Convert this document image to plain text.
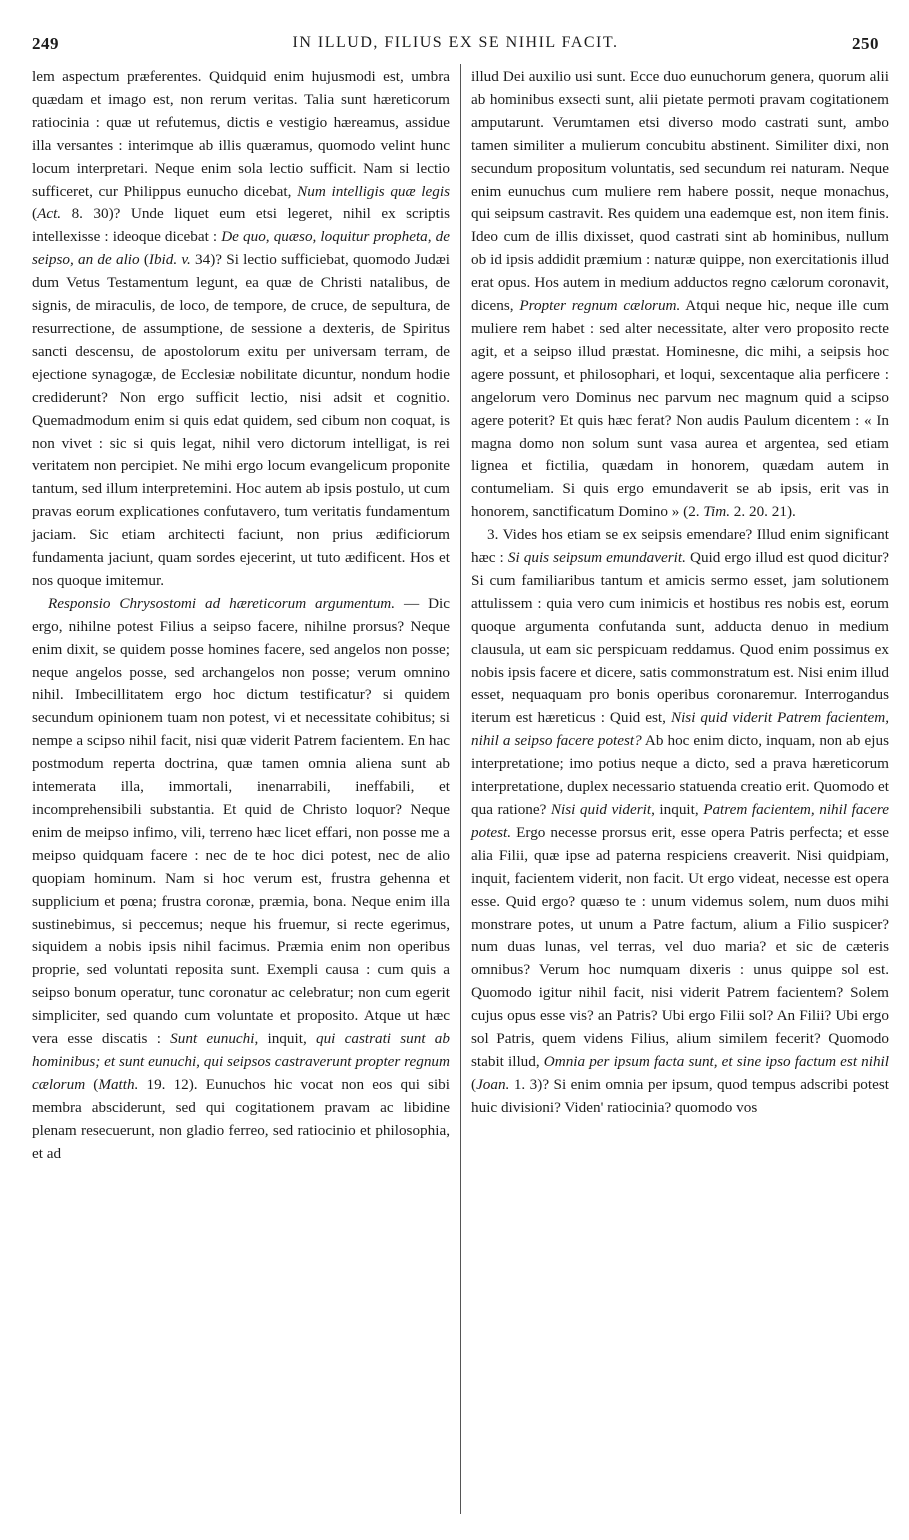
249	IN ILLUD, FILIUS EX SE NIHIL FACIT.	250

lem aspectum præferentes. Quidquid enim hujusmodi est, umbra quædam et imago est, non rerum veritas. Talia sunt hæreticorum ratiocinia : quæ ut refutemus, dictis e vestigio hæreamus, assidue illa versantes : interimque ab illis quæramus, quomodo velint hunc locum interpretari. Neque enim sola lectio sufficit. Nam si lectio sufficeret, cur Philippus eunucho dicebat, Num intelligis quæ legis (Act. 8. 30)? Unde liquet eum etsi legeret, nihil ex scriptis intellexisse : ideoque dicebat : De quo, quæso, loquitur propheta, de seipso, an de alio (Ibid. v. 34)? Si lectio sufficiebat, quomodo Judæi dum Vetus Testamentum legunt, ea quæ de Christi natalibus, de signis, de miraculis, de loco, de tempore, de cruce, de sepultura, de resurrectione, de assumptione, de sessione a dexteris, de Spiritus sancti descensu, de apostolorum exitu per universam terram, de ejectione synagogæ, de Ecclesiæ nobilitate dicuntur, nondum hodie crediderunt? Non ergo sufficit lectio, nisi adsit et cognitio. Quemadmodum enim si quis edat quidem, sed cibum non coquat, is non vivet : sic si quis legat, nihil vero dictorum intelligat, is rei veritatem non percipiet. Ne mihi ergo locum evangelicum proponite tantum, sed illum interpretemini. Hoc autem ab ipsis postulo, ut cum pravas eorum explicationes confutavero, tum veritatis fundamentum jaciam. Sic etiam architecti faciunt, non prius ædificiorum fundamenta jaciunt, quam sordes ejecerint, ut tuto ædificent. Hos et nos quoque imitemur.

Responsio Chrysostomi ad hæreticorum argumentum. — Dic ergo, nihilne potest Filius a seipso facere, nihilne prorsus? Neque enim dixit, se quidem posse homines facere, sed angelos non posse; neque angelos posse, sed archangelos non posse; verum omnino nihil. Imbecillitatem ergo hoc dictum testificatur? si quidem secundum opinionem tuam non potest, vi et necessitate cohibitus; si nempe a scipso nihil facit, nisi quæ viderit Patrem facientem. En hac postmodum reperta doctrina, quæ tamen omnia aliena sunt ab intemerata illa, immortali, inenarrabili, ineffabili, et incomprehensibili substantia. Et quid de Christo loquor? Neque enim de meipso infimo, vili, terreno hæc licet effari, non posse me a meipso quidquam facere : nec de te hoc dici potest, nec de alio quopiam hominum. Nam si hoc verum est, frustra gehenna et supplicium et pœna; frustra coronæ, præmia, bona. Neque enim illa sustinebimus, si peccemus; neque his fruemur, si recte egerimus, siquidem a nobis ipsis nihil facimus. Præmia enim non operibus proprie, sed voluntati reposita sunt. Exempli causa : cum quis a seipso bonum operatur, tunc coronatur ac celebratur; non cum egerit simpliciter, sed quando cum voluntate et proposito. Atque ut hæc vera esse discatis : Sunt eunuchi, inquit, qui castrati sunt ab hominibus; et sunt eunuchi, qui seipsos castraverunt propter regnum cælorum (Matth. 19. 12). Eunuchos hic vocat non eos qui sibi membra absciderunt, sed qui cogitationem pravam ac libidine plenam resecuerunt, non gladio ferreo, sed ratiocinio et philosophia, et ad

illud Dei auxilio usi sunt. Ecce duo eunuchorum genera, quorum alii ab hominibus exsecti sunt, alii pietate permoti pravam cogitationem amputarunt. Verumtamen etsi diverso modo castrati sunt, ambo tamen similiter a mulierum concubitu abstinent. Similiter dixi, non secundum propositum voluntatis, sed secundum rei naturam. Neque enim eunuchus cum muliere rem habere possit, neque monachus, qui seipsum castravit. Res quidem una eademque est, non item finis. Ideo cum de illis dixisset, quod castrati sint ab hominibus, nullum ob id ipsis addidit præmium : naturæ quippe, non exercitationis illud erat opus. Hos autem in medium adductos regno cælorum coronavit, dicens, Propter regnum cælorum. Atqui neque hic, neque ille cum muliere rem habet : sed alter necessitate, alter vero proposito recte agit, et a seipso illud præstat. Hominesne, dic mihi, a seipsis hoc agere possunt, et philosophari, et loqui, sexcentaque alia perficere : angelorum vero Dominus nec parvum nec magnum quid a scipso agere poterit? Et quis hæc ferat? Non audis Paulum dicentem : « In magna domo non solum sunt vasa aurea et argentea, sed etiam lignea et fictilia, quædam in honorem, quædam autem in contumeliam. Si quis ergo emundaverit se ab ipsis, erit vas in honorem, sanctificatum Domino » (2. Tim. 2. 20. 21).

3. Vides hos etiam se ex seipsis emendare? Illud enim significant hæc : Si quis seipsum emundaverit. Quid ergo illud est quod dicitur? Si cum familiaribus tantum et amicis sermo esset, jam solutionem attulissem : quia vero cum inimicis et hostibus res nobis est, eorum quoque argumenta confutanda sunt, adducta denuo in medium clausula, ut eam sic perspicuam reddamus. Quod enim possimus ex nobis ipsis facere et dicere, satis commonstratum est. Nisi enim illud esset, nequaquam pro bonis operibus coronaremur. Interrogandus iterum est hæreticus : Quid est, Nisi quid viderit Patrem facientem, nihil a seipso facere potest? Ab hoc enim dicto, inquam, non ab ejus interpretatione; imo potius neque a dicto, sed a prava hæreticorum interpretatione, duplex necessario statuenda creatio erit. Quomodo et qua ratione? Nisi quid viderit, inquit, Patrem facientem, nihil facere potest. Ergo necesse prorsus erit, esse opera Patris perfecta; et esse alia Filii, quæ ipse ad paterna respiciens creaverit. Nisi quidpiam, inquit, facientem viderit, non facit. Ut ergo videat, necesse est opera esse. Quid ergo? quæso te : unum videmus solem, num duos mihi monstrare potes, ut unum a Patre factum, alium a Filio suspicer? num duas lunas, vel terras, vel duo maria? et sic de cæteris omnibus? Verum hoc numquam dixeris : unus quippe sol est. Quomodo igitur nihil facit, nisi viderit Patrem facientem? Solem cujus opus esse vis? an Patris? Ubi ergo Filii sol? An Filii? Ubi ergo sol Patris, quem videns Filius, alium similem fecerit? Quomodo stabit illud, Omnia per ipsum facta sunt, et sine ipso factum est nihil (Joan. 1. 3)? Si enim omnia per ipsum, quod tempus adscribi potest huic divisioni? Viden' ratiocinia? quomodo vos
